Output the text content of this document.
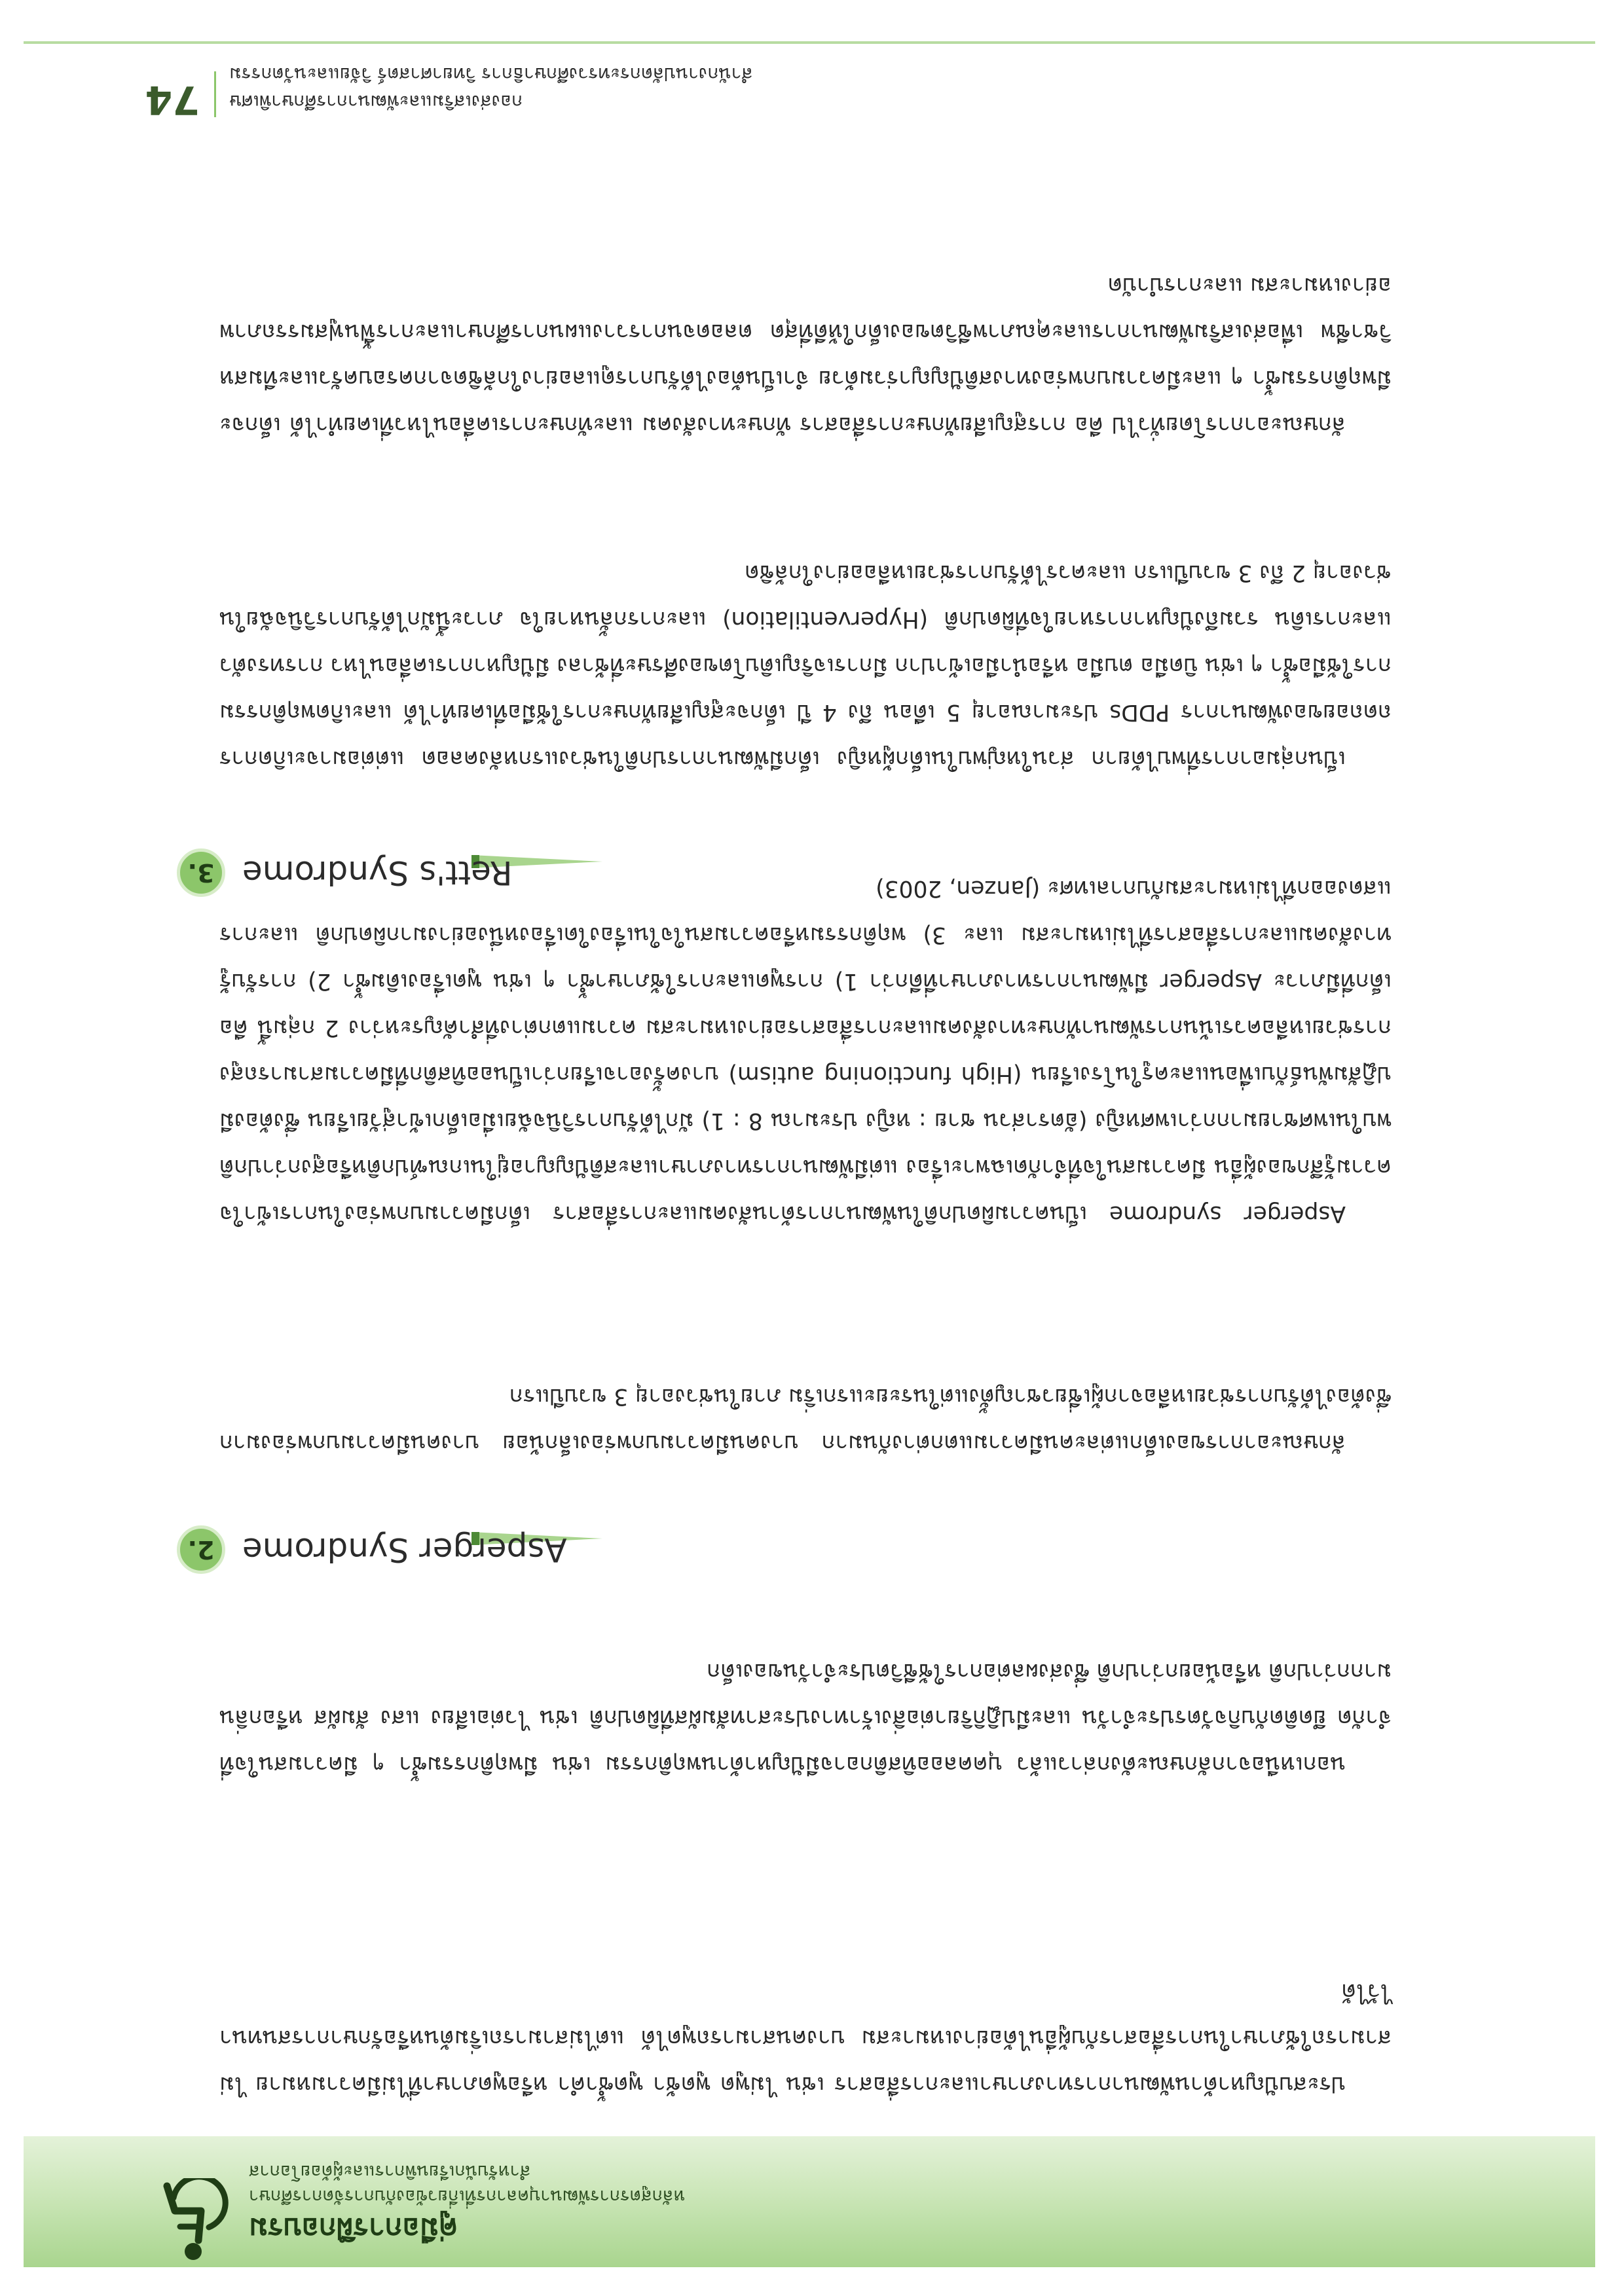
คู่มือการฝึกอบรม
หลักสูตรการพัฒนาบุคลากรที่เกี่ยวข้องกับการจัดการศึกษา
สำหรับนักเรียนพิการและผู้ด้อยโอกาส

ประสบปัญหาด้านพัฒนาการทางภาษาและการสื่อสาร เช่น ไม่พูด พูดช้า พูดซ้ำคำ หรือพูดภาษาที่ไม่มีความหมาย ไม่สามารถใช้ภาษาในการสื่อสารกับผู้อื่นได้อย่างเหมาะสม บางคนสามารถพูดได้ แต่ไม่สามารถเริ่มต้นหรือรักษาการสนทนาไว้ได้

นอกเหนือจากลักษณะดังกล่าวแล้ว บุคคลออทิสติกอาจมีปัญหาด้านพฤติกรรม เช่น มีพฤติกรรมซ้ำ ๆ มีความสนใจที่จำกัด ยึดติดกับกิจวัตรประจำวัน และมีปฏิกิริยาต่อสิ่งเร้าทางประสาทสัมผัสที่ผิดปกติ เช่น ไวต่อเสียง แสง สัมผัส หรือกลิ่นมากกว่าปกติ หรือน้อยกว่าปกติ ซึ่งส่งผลต่อการใช้ชีวิตประจำวันของเด็ก

ลักษณะอาการของเด็กแต่ละคนมีความแตกต่างกันมาก บางคนมีความบกพร่องเล็กน้อย บางคนมีความบกพร่องมาก ซึ่งต้องได้รับการช่วยเหลือจากผู้เชี่ยวชาญตั้งแต่ในระยะแรกเริ่ม ภายในช่วงอายุ 3 ขวบปีแรก

Asperger Syndrome
2.

Asperger syndrome เป็นความผิดปกติในพัฒนาการด้านสังคมและการสื่อสาร เด็กมีความบกพร่องในการเข้าใจความรู้สึกของผู้อื่น มีความสนใจที่จำกัดเฉพาะเรื่อง แต่มีพัฒนาการทางภาษาและสติปัญญาอยู่ในเกณฑ์ปกติหรือสูงกว่าปกติ พบในเพศชายมากกว่าเพศหญิง (อัตราส่วน ชาย : หญิง ประมาณ 8 : 1) มักได้รับการวินิจฉัยเมื่อเด็กเข้าสู่วัยเรียน ซึ่งต้องมีปฏิสัมพันธ์กับเพื่อนและครูในโรงเรียน (High functioning autism) บางครั้งอาจเรียกว่าเป็นออทิสติกที่มีความสามารถสูง การช่วยเหลือควรเน้นการพัฒนาทักษะทางสังคมและการสื่อสารอย่างเหมาะสม ความแตกต่างที่สำคัญระหว่าง 2 กลุ่มนี้ คือ เด็กที่มีภาวะ Asperger มีพัฒนาการทางภาษาที่ดีกว่า 1) การพูดและการใช้ภาษาซ้ำ ๆ เช่น พูดเรื่องเดิมซ้ำ 2) การรับรู้ทางสังคมและการสื่อสารที่ไม่เหมาะสม และ 3) พฤติกรรมหรือความสนใจในเรื่องใดเรื่องหนึ่งอย่างมากผิดปกติ และการแสดงออกที่ไม่เหมาะสมกับกาลเทศะ (Janzen, 2003)

Rett's Syndrome
3.

เป็นกลุ่มอาการที่พบได้ยาก ส่วนใหญ่พบในเด็กผู้หญิง เด็กมีพัฒนาการปกติในช่วงแรกหลังคลอด แต่ต่อมาจะเกิดการถดถอยของพัฒนาการ PDDs ประมาณอายุ 5 เดือน ถึง 4 ปี เด็กจะสูญเสียทักษะการใช้มือที่เคยทำได้ และเกิดพฤติกรรมการใช้มือซ้ำ ๆ เช่น บิดมือ ตบมือ หรือนำมือเข้าปาก มีการเจริญเติบโตของศีรษะที่ช้าลง มีปัญหาการเคลื่อนไหว การทรงตัว และการเดิน รวมถึงปัญหาการหายใจที่ผิดปกติ (Hyperventilation) และการกลั้นหายใจ ภาวะนี้มักได้รับการวินิจฉัยในช่วงอายุ 2 ถึง 3 ขวบปีแรก และควรได้รับการช่วยเหลืออย่างใกล้ชิด

ลักษณะอาการโดยทั่วไป คือ การสูญเสียทักษะการสื่อสาร ทักษะทางสังคม และทักษะการเคลื่อนไหวที่เคยทำได้ เด็กจะมีพฤติกรรมซ้ำ ๆ และมีความบกพร่องทางสติปัญญาร่วมด้วย จำเป็นต้องได้รับการดูแลอย่างใกล้ชิดจากครอบครัวและทีมสหวิชาชีพ เพื่อส่งเสริมพัฒนาการและคุณภาพชีวิตของเด็กให้ดีที่สุด ตลอดจนการวางแผนการศึกษาและการฟื้นฟูสมรรถภาพอย่างเหมาะสม และการบำบัด

74 กองส่งเสริมและพัฒนาการศึกษาพิเศษ
สำนักงานปลัดกระทรวงศึกษาธิการ วิทยาศาสตร์ วิจัยและนวัตกรรม
